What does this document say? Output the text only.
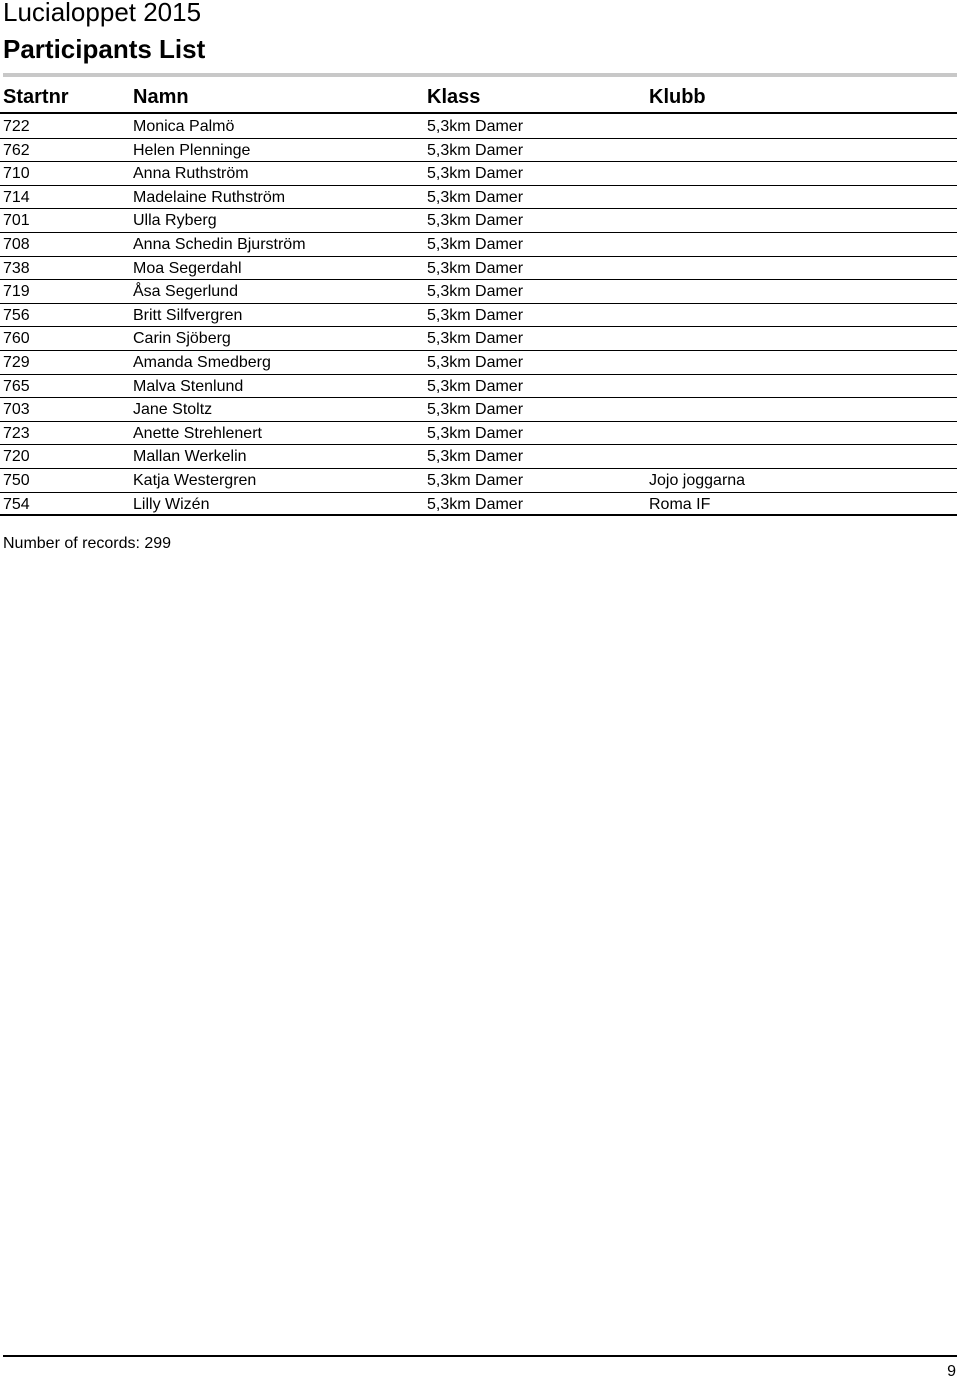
Lucialoppet 2015
Participants List
Startnr	Namn	Klass	Klubb
722	Monica Palmö	5,3km Damer
762	Helen Plenninge	5,3km Damer
710	Anna Ruthström	5,3km Damer
714	Madelaine Ruthström	5,3km Damer
701	Ulla Ryberg	5,3km Damer
708	Anna Schedin Bjurström	5,3km Damer
738	Moa Segerdahl	5,3km Damer
719	Åsa Segerlund	5,3km Damer
756	Britt Silfvergren	5,3km Damer
760	Carin Sjöberg	5,3km Damer
729	Amanda Smedberg	5,3km Damer
765	Malva Stenlund	5,3km Damer
703	Jane Stoltz	5,3km Damer
723	Anette Strehlenert	5,3km Damer
720	Mallan Werkelin	5,3km Damer
750	Katja Westergren	5,3km Damer	Jojo joggarna
754	Lilly Wizén	5,3km Damer	Roma IF
Number of records: 299
9
